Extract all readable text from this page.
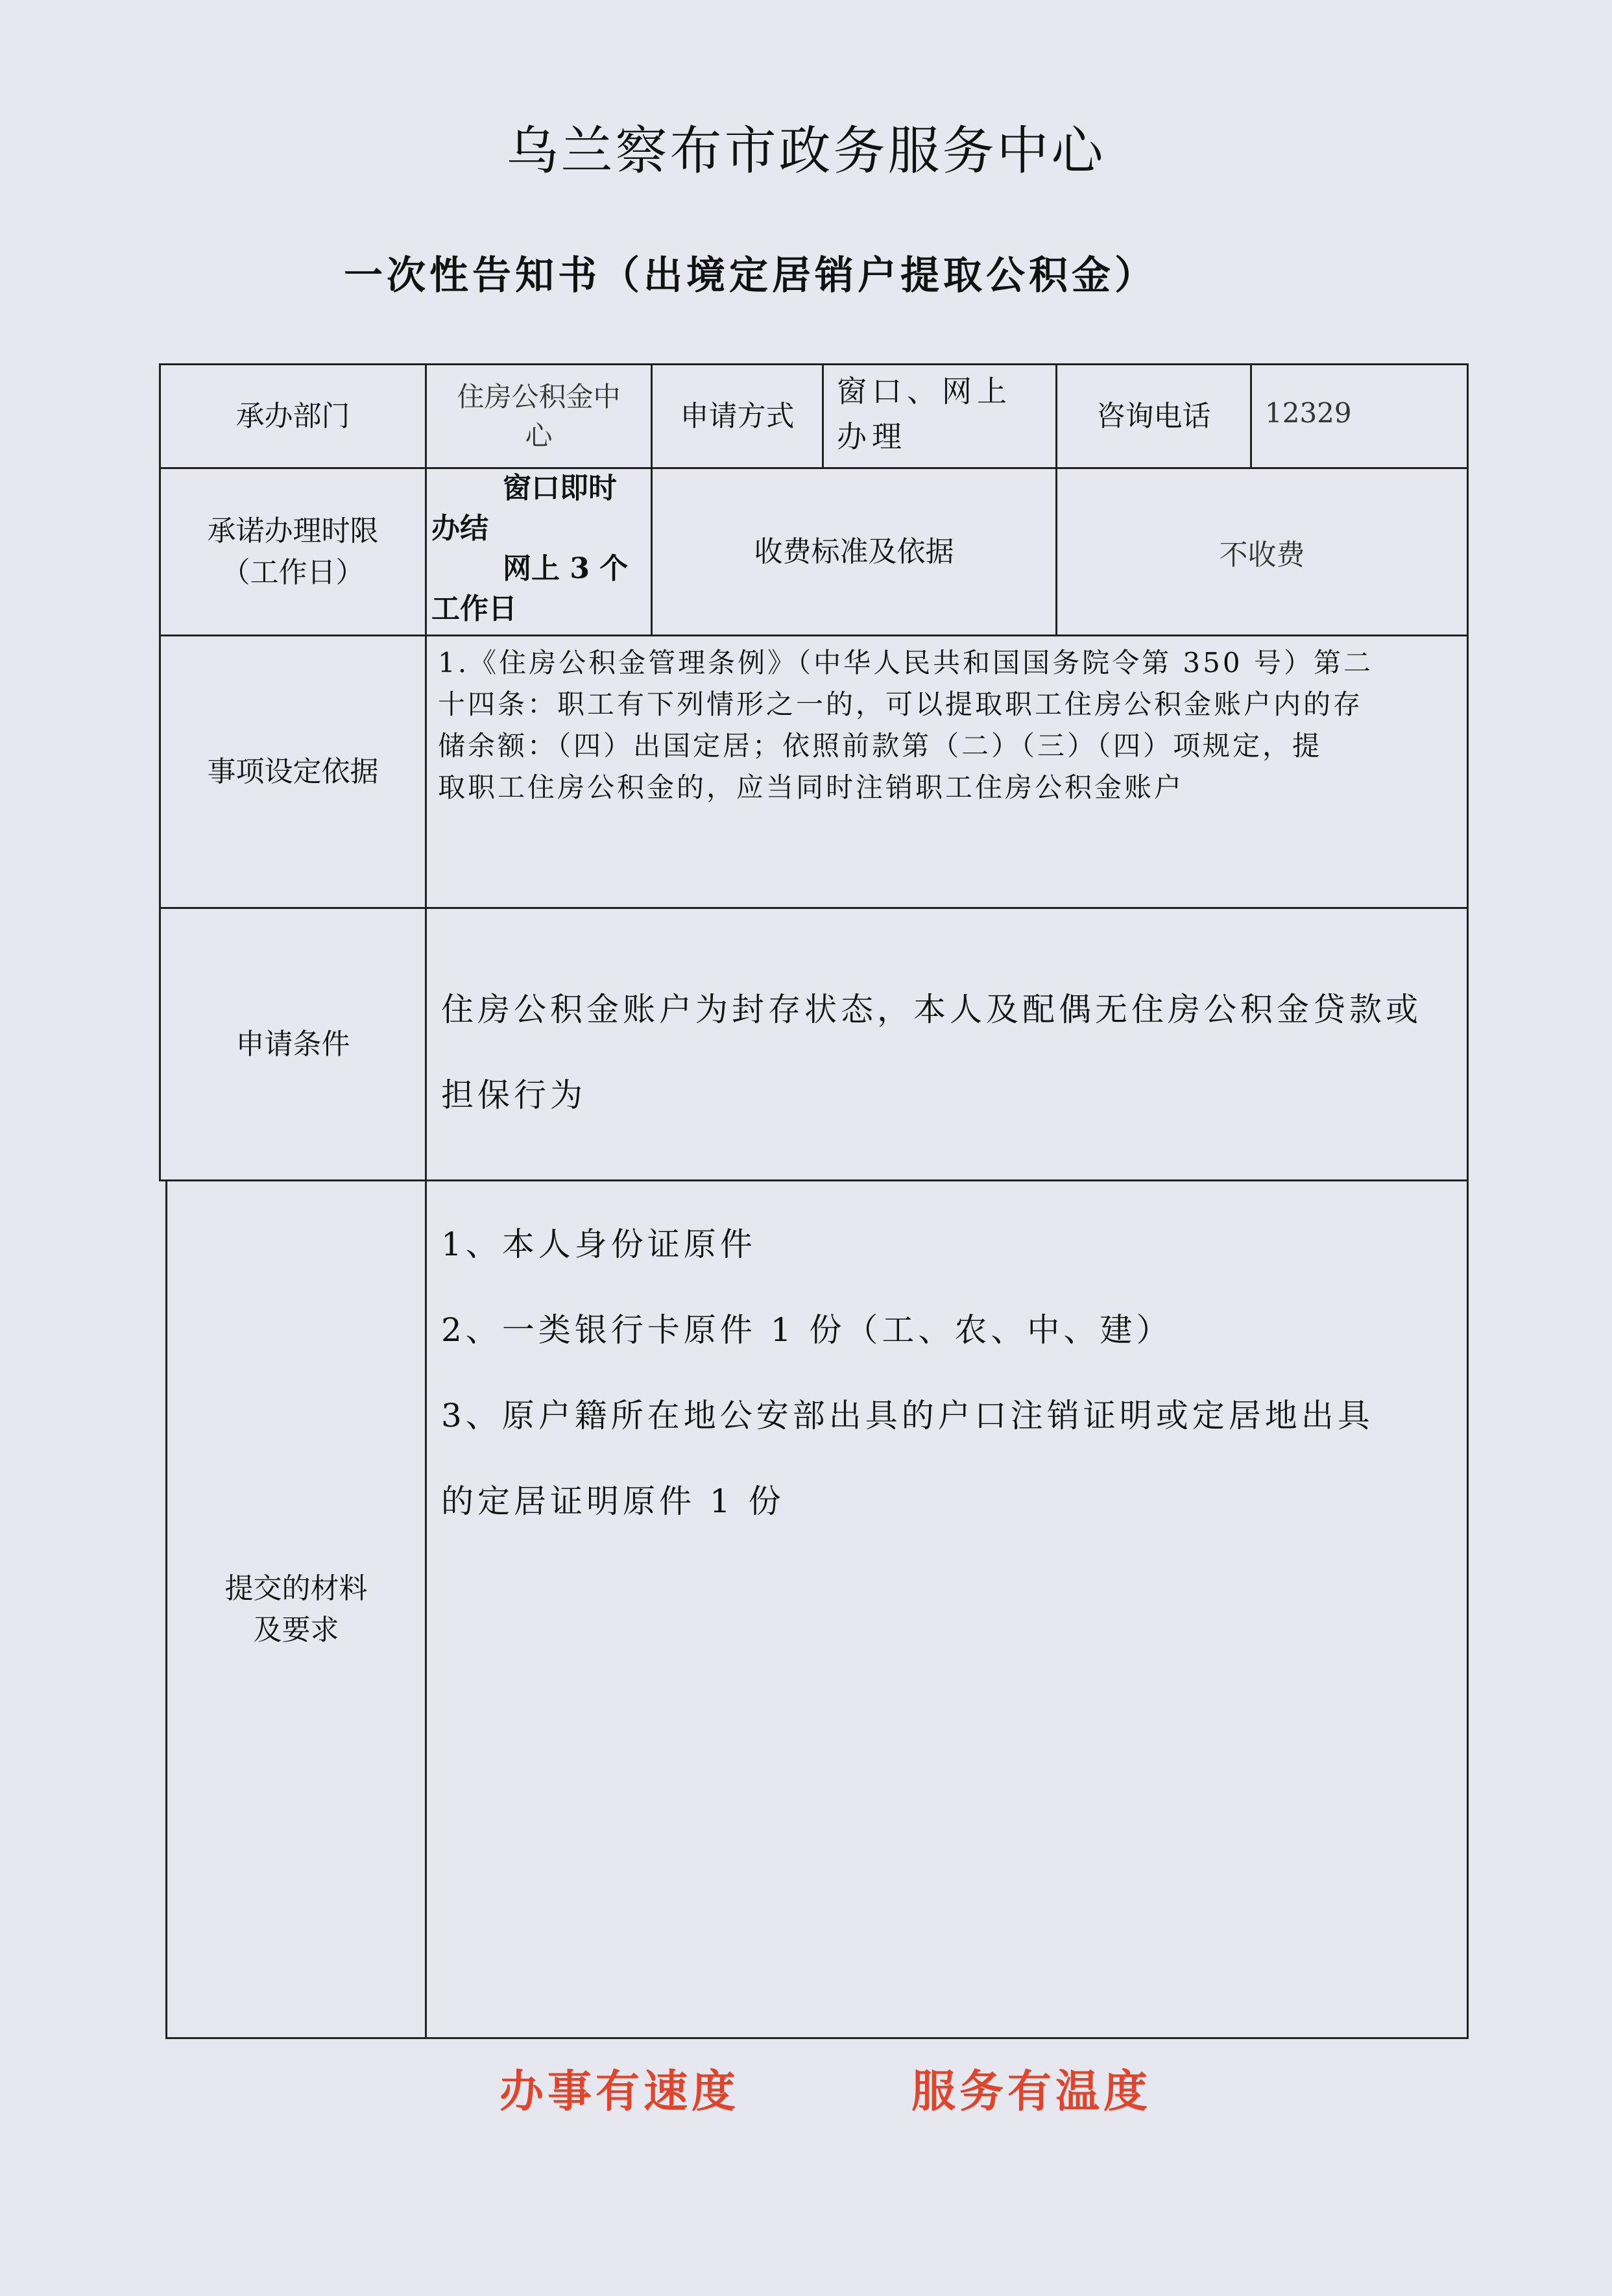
乌兰察布市政务服务中心
一次性告知书（出境定居销户提取公积金）
承办部门
住房公积金中
心
申请方式
窗口、网上
办理
咨询电话 12329
承诺办理时限
（工作日）
窗口即时
办结
网上 3 个
工作日
收费标准及依据	不收费
事项设定依据
1.《住房公积金管理条例》（中华人民共和国国务院令第 350 号）第二
十四条：职工有下列情形之一的，可以提取职工住房公积金账户内的存
储余额：（四）出国定居；依照前款第（二）（三）（四）项规定，提
取职工住房公积金的，应当同时注销职工住房公积金账户
申请条件
住房公积金账户为封存状态，本人及配偶无住房公积金贷款或
担保行为
提交的材料
及要求
1、本人身份证原件
2、一类银行卡原件 1 份（工、农、中、建）
3、原户籍所在地公安部出具的户口注销证明或定居地出具
的定居证明原件 1 份
办事有速度	服务有温度
